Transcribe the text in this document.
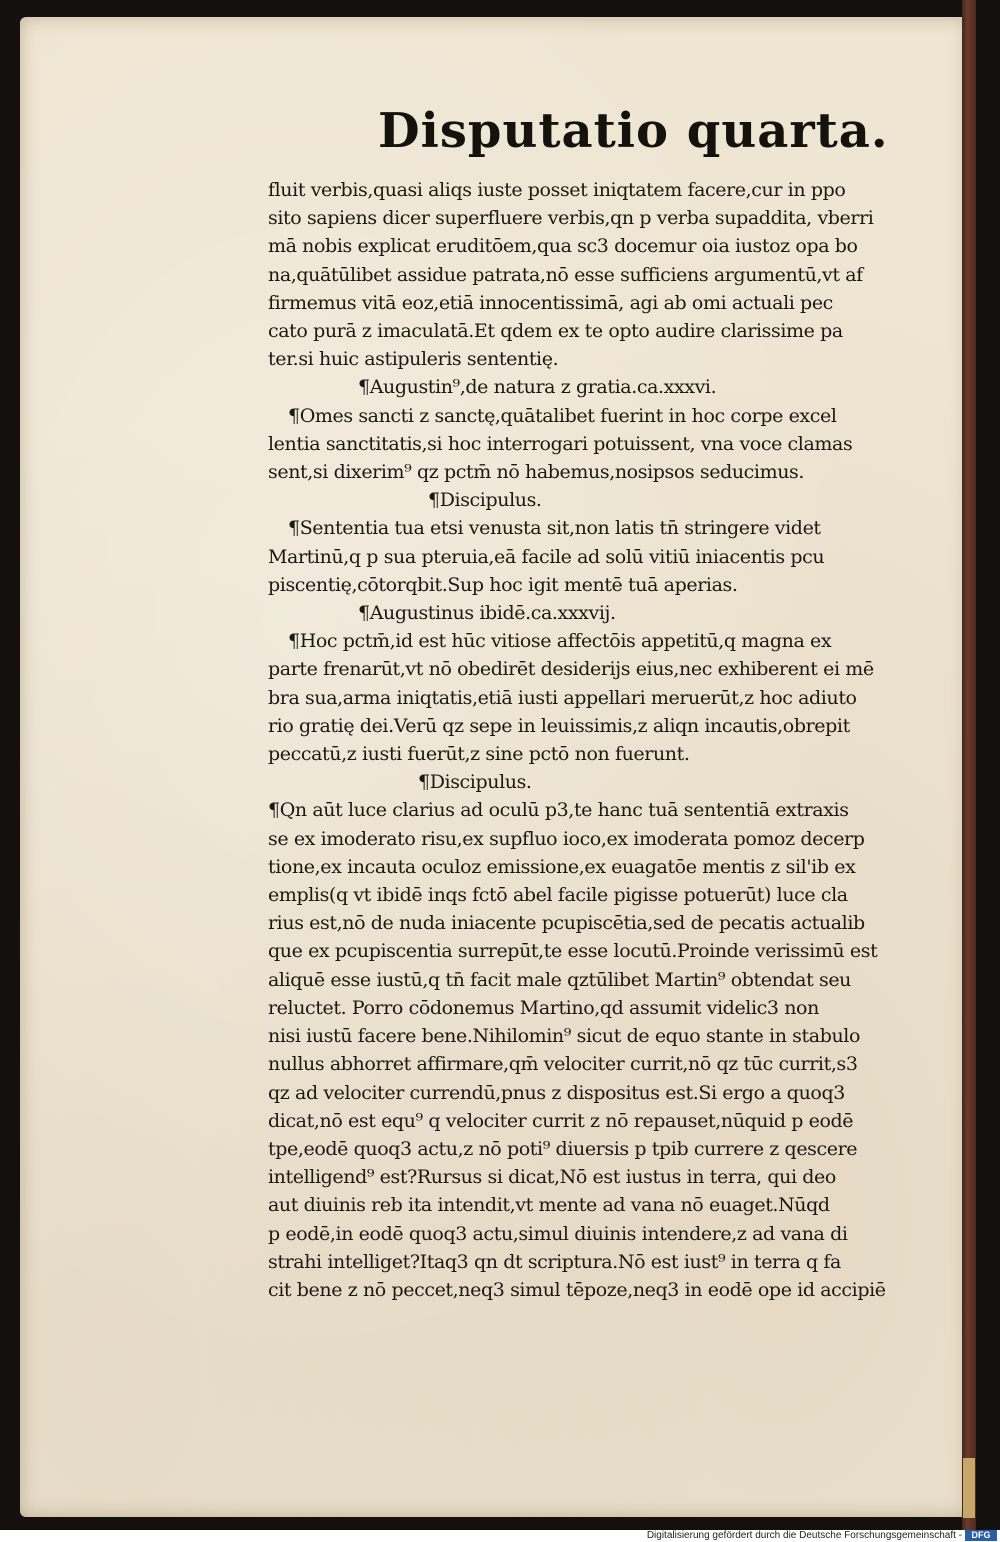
Disputatio quarta.
fluit verbis,quasi aliqs iuste posset iniqtatem facere,cur in ppo
sito sapiens dicer superfluere verbis,qn p verba supaddita, vberri
mā nobis explicat eruditōem,qua sc3 docemur oia iustoz opa bo
na,quātūlibet assidue patrata,nō esse sufficiens argumentū,vt af
firmemus vitā eoz,etiā innocentissimā, agi ab omi actuali pec
cato purā z imaculatā.Et qdem ex te opto audire clarissime pa
ter.si huic astipuleris sententię.
¶Augustin⁹,de natura z gratia.ca.xxxvi.
¶Omes sancti z sanctę,quātalibet fuerint in hoc corpe excel
lentia sanctitatis,si hoc interrogari potuissent, vna voce clamas
sent,si dixerim⁹ qz pctm̄ nō habemus,nosipsos seducimus.
¶Discipulus.
¶Sententia tua etsi venusta sit,non latis tn̄ stringere videt
Martinū,q p sua pteruia,eā facile ad solū vitiū iniacentis pcu
piscentię,cōtorqbit.Sup hoc igit mentē tuā aperias.
¶Augustinus ibidē.ca.xxxvij.
¶Hoc pctm̄,id est hūc vitiose affectōis appetitū,q magna ex
parte frenarūt,vt nō obedirēt desiderijs eius,nec exhiberent ei mē
bra sua,arma iniqtatis,etiā iusti appellari meruerūt,z hoc adiuto
rio gratię dei.Verū qz sepe in leuissimis,z aliqn incautis,obrepit
peccatū,z iusti fuerūt,z sine pctō non fuerunt.
¶Discipulus.
¶Qn aūt luce clarius ad oculū p3,te hanc tuā sententiā extraxis
se ex imoderato risu,ex supfluo ioco,ex imoderata pomoz decerp
tione,ex incauta oculoz emissione,ex euagatōe mentis z sil'ib ex
emplis(q vt ibidē inqs fctō abel facile pigisse potuerūt) luce cla
rius est,nō de nuda iniacente pcupiscētia,sed de pecatis actualib
que ex pcupiscentia surrepūt,te esse locutū.Proinde verissimū est
aliquē esse iustū,q tn̄ facit male qztūlibet Martin⁹ obtendat seu
reluctet. Porro cōdonemus Martino,qd assumit videlic3 non
nisi iustū facere bene.Nihilomin⁹ sicut de equo stante in stabulo
nullus abhorret affirmare,qm̄ velociter currit,nō qz tūc currit,s3
qz ad velociter currendū,pnus z dispositus est.Si ergo a quoq3
dicat,nō est equ⁹ q velociter currit z nō repauset,nūquid p eodē
tpe,eodē quoq3 actu,z nō poti⁹ diuersis p tpib currere z qescere
intelligend⁹ est?Rursus si dicat,Nō est iustus in terra, qui deo
aut diuinis reb ita intendit,vt mente ad vana nō euaget.Nūqd
p eodē,in eodē quoq3 actu,simul diuinis intendere,z ad vana di
strahi intelliget?Itaq3 qn dt scriptura.Nō est iust⁹ in terra q fa
cit bene z nō peccet,neq3 simul tēpoze,neq3 in eodē ope id accipiē
Digitalisierung gefördert durch die Deutsche Forschungsgemeinschaft -	DFG
